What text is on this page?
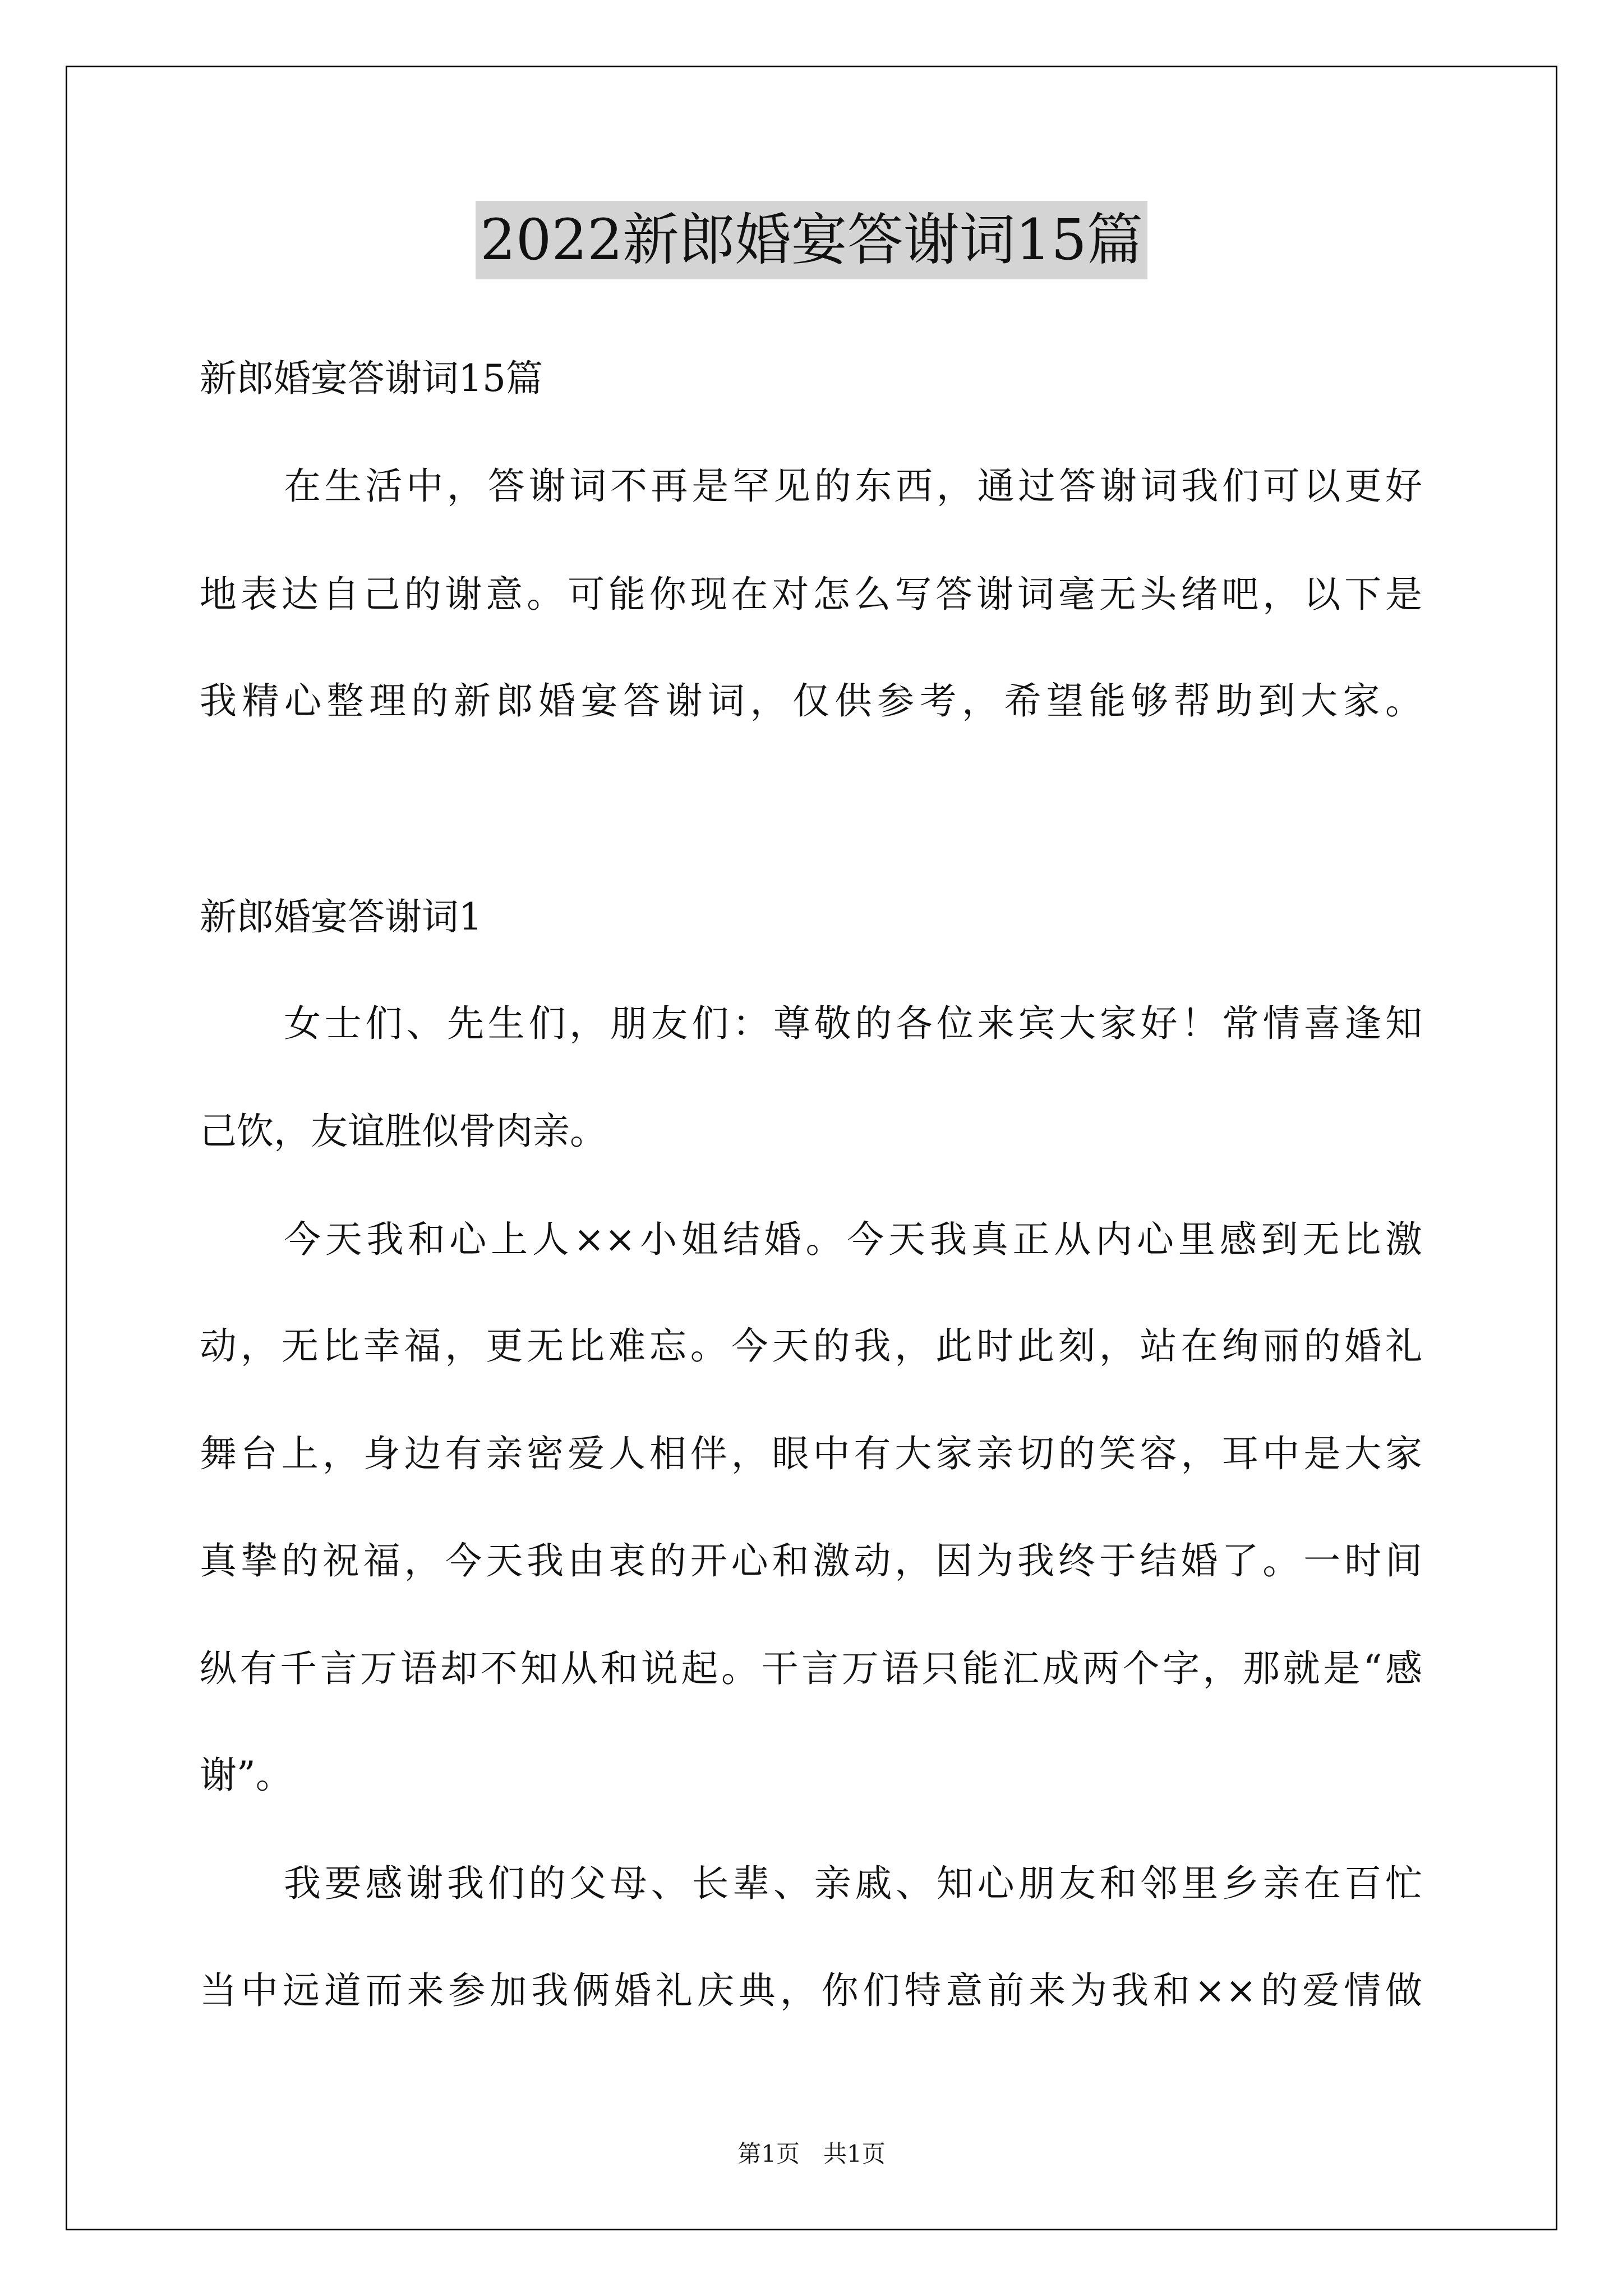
2022新郎婚宴答谢词15篇
新郎婚宴答谢词15篇
在生活中，答谢词不再是罕见的东西，通过答谢词我们可以更好
地表达自己的谢意。可能你现在对怎么写答谢词毫无头绪吧，以下是
我精心整理的新郎婚宴答谢词，仅供参考，希望能够帮助到大家。
新郎婚宴答谢词1
女士们、先生们，朋友们：尊敬的各位来宾大家好！常情喜逢知
己饮，友谊胜似骨肉亲。
今天我和心上人××小姐结婚。今天我真正从内心里感到无比激
动，无比幸福，更无比难忘。今天的我，此时此刻，站在绚丽的婚礼
舞台上，身边有亲密爱人相伴，眼中有大家亲切的笑容，耳中是大家
真挚的祝福，今天我由衷的开心和激动，因为我终于结婚了。一时间
纵有千言万语却不知从和说起。干言万语只能汇成两个字，那就是“感
谢”。
我要感谢我们的父母、长辈、亲戚、知心朋友和邻里乡亲在百忙
当中远道而来参加我俩婚礼庆典，你们特意前来为我和××的爱情做
第1页　共1页
